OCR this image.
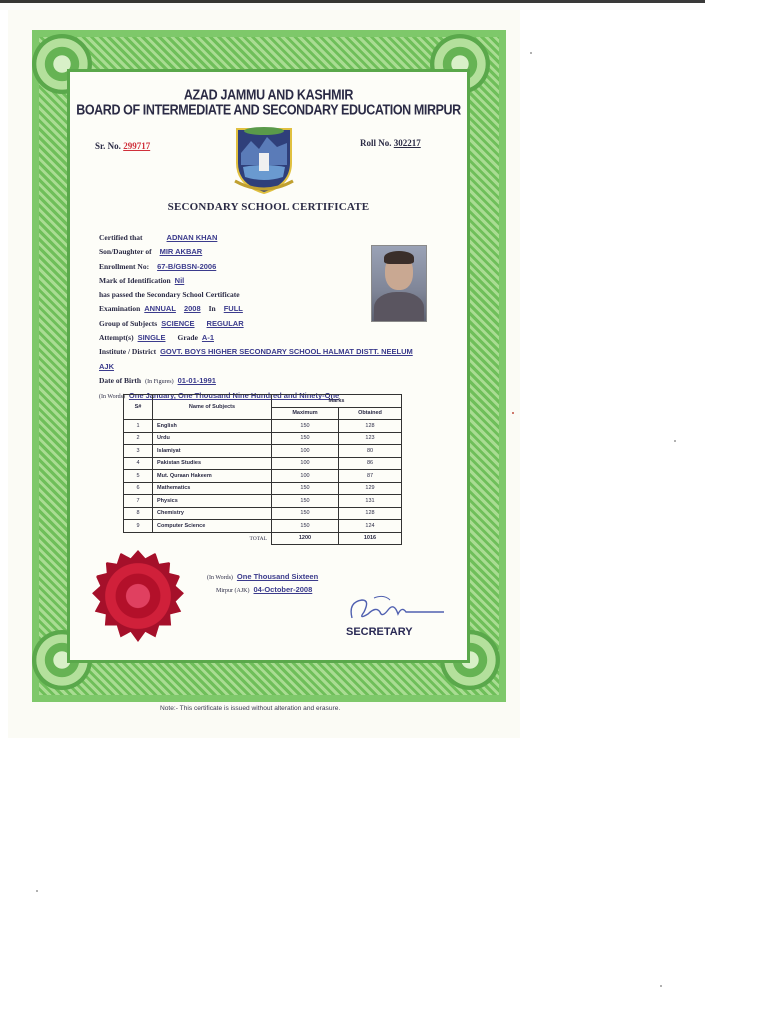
AZAD JAMMU AND KASHMIR
BOARD OF INTERMEDIATE AND SECONDARY EDUCATION MIRPUR
Sr. No. 299717	Roll No. 302217
SECONDARY SCHOOL CERTIFICATE
Certified that	ADNAN KHAN
Son/Daughter of MIR AKBAR
Enrollment No: 67-B/GBSN-2006
Mark of Identification Nil
has passed the Secondary School Certificate
Examination ANNUAL 2008 In FULL
Group of Subjects SCIENCE REGULAR
Attempt(s) SINGLE Grade A-1
Institute / District GOVT. BOYS HIGHER SECONDARY SCHOOL HALMAT DISTT. NEELUM
AJK
Date of Birth (In Figures) 01-01-1991
(In Words) One January, One Thousand Nine Hundred and Ninety-One
S#	Name of Subjects	Marks	
		Maximum	Obtained
1	English	150	128
2	Urdu	150	123
3	Islamiyat	100	80
4	Pakistan Studies	100	86
5	Mut. Quraan Hakeem	100	87
6	Mathematics	150	129
7	Physics	150	131
8	Chemistry	150	128
9	Computer Science	150	124
TOTAL		1200	1016
(In Words) One Thousand Sixteen
Mirpur (AJK) 04-October-2008
SECRETARY
Note:- This certificate is issued without alteration and erasure.
